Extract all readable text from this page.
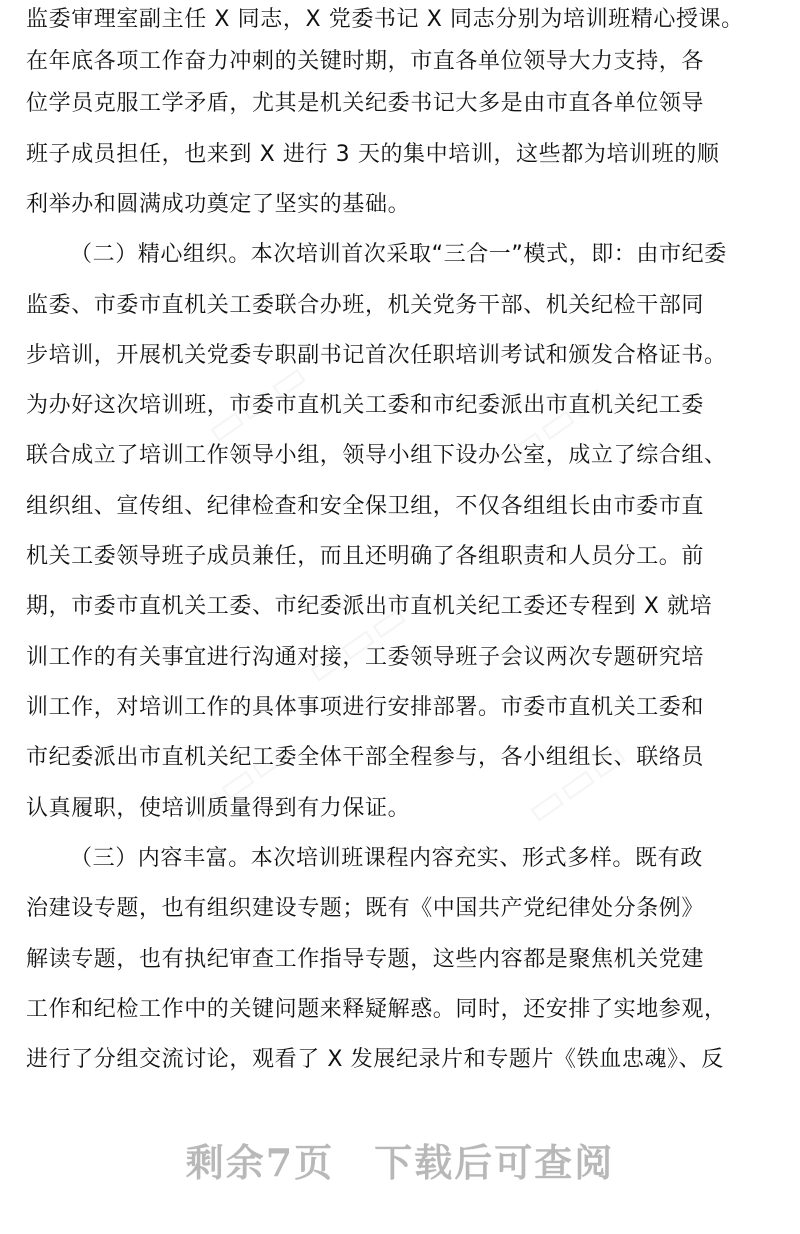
监委审理室副主任 X 同志，X 党委书记 X 同志分别为培训班精心授课。
在年底各项工作奋力冲刺的关键时期，市直各单位领导大力支持，各
位学员克服工学矛盾，尤其是机关纪委书记大多是由市直各单位领导
班子成员担任，也来到 X 进行 3 天的集中培训，这些都为培训班的顺
利举办和圆满成功奠定了坚实的基础。
（二）精心组织。本次培训首次采取“三合一”模式，即：由市纪委
监委、市委市直机关工委联合办班，机关党务干部、机关纪检干部同
步培训，开展机关党委专职副书记首次任职培训考试和颁发合格证书。
为办好这次培训班，市委市直机关工委和市纪委派出市直机关纪工委
联合成立了培训工作领导小组，领导小组下设办公室，成立了综合组、
组织组、宣传组、纪律检查和安全保卫组，不仅各组组长由市委市直
机关工委领导班子成员兼任，而且还明确了各组职责和人员分工。前
期，市委市直机关工委、市纪委派出市直机关纪工委还专程到 X 就培
训工作的有关事宜进行沟通对接，工委领导班子会议两次专题研究培
训工作，对培训工作的具体事项进行安排部署。市委市直机关工委和
市纪委派出市直机关纪工委全体干部全程参与，各小组组长、联络员
认真履职，使培训质量得到有力保证。
（三）内容丰富。本次培训班课程内容充实、形式多样。既有政
治建设专题，也有组织建设专题；既有《中国共产党纪律处分条例》
解读专题，也有执纪审查工作指导专题，这些内容都是聚焦机关党建
工作和纪检工作中的关键问题来释疑解惑。同时，还安排了实地参观，
进行了分组交流讨论，观看了 X 发展纪录片和专题片《铁血忠魂》、反
剩余7页　下载后可查阅
